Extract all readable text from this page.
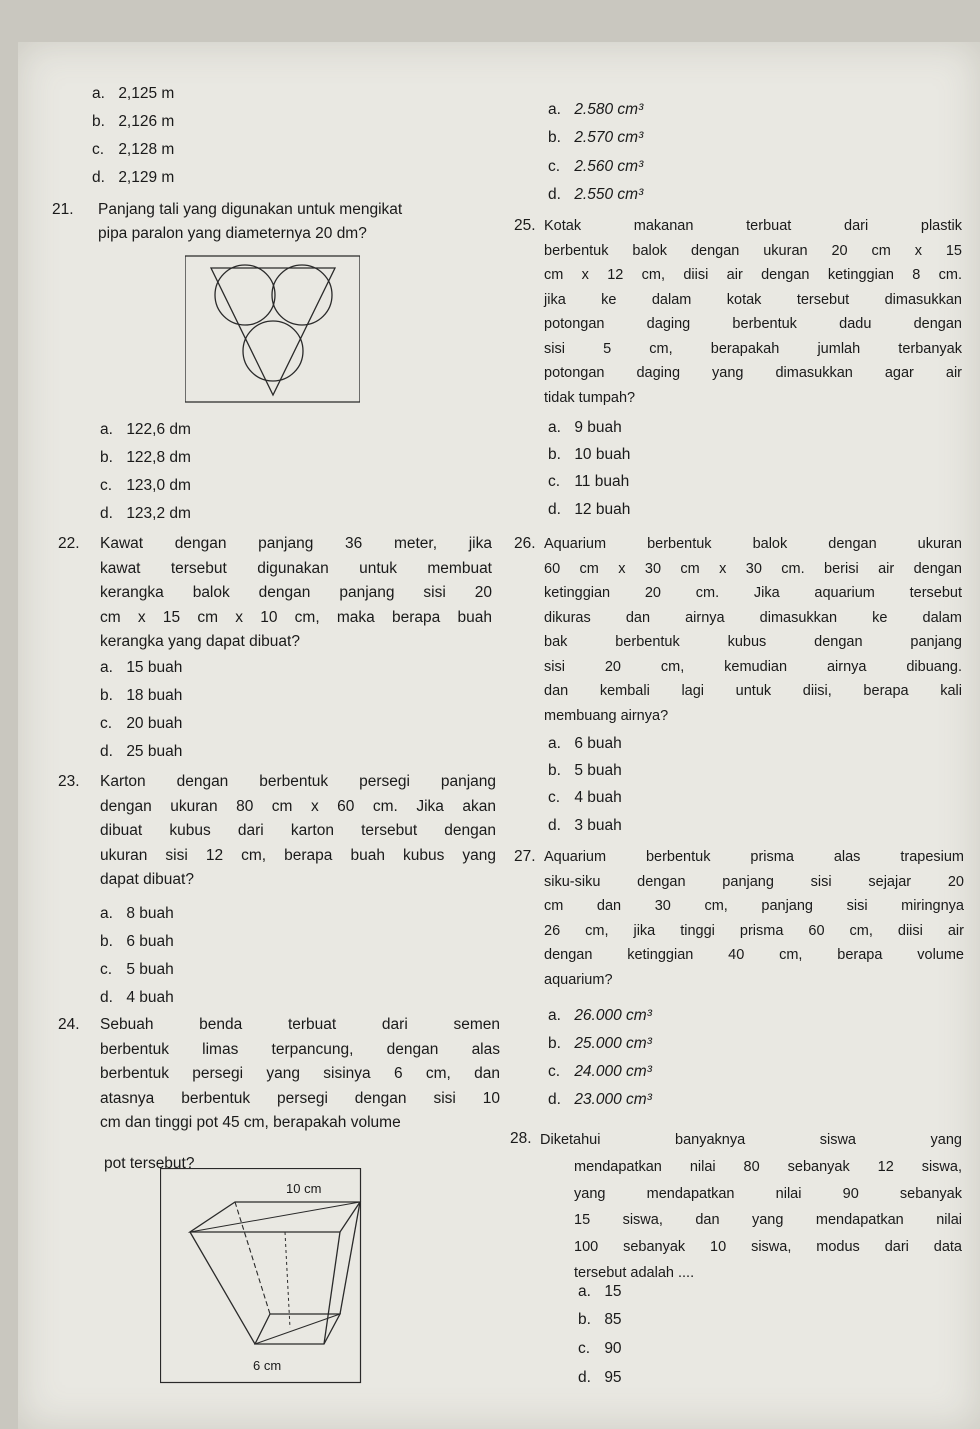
a. 2,125 m
b. 2,126 m
c. 2,128 m
d. 2,129 m
21. Panjang tali yang digunakan untuk mengikat
pipa paralon yang diameternya 20 dm?
a. 122,6 dm
b. 122,8 dm
c. 123,0 dm
d. 123,2 dm
22. Kawat dengan panjang 36 meter, jika
kawat tersebut digunakan untuk membuat
kerangka balok dengan panjang sisi 20
cm x 15 cm x 10 cm, maka berapa buah
kerangka yang dapat dibuat?
a. 15 buah
b. 18 buah
c. 20 buah
d. 25 buah
23. Karton dengan berbentuk persegi panjang
dengan ukuran 80 cm x 60 cm. Jika akan
dibuat kubus dari karton tersebut dengan
ukuran sisi 12 cm, berapa buah kubus yang
dapat dibuat?
a. 8 buah
b. 6 buah
c. 5 buah
d. 4 buah
24. Sebuah benda terbuat dari semen
berbentuk limas terpancung, dengan alas
berbentuk persegi yang sisinya 6 cm, dan
atasnya berbentuk persegi dengan sisi 10
cm dan tinggi pot 45 cm, berapakah volume
pot tersebut?
10 cm
6 cm
a. 2.580 cm³
b. 2.570 cm³
c. 2.560 cm³
d. 2.550 cm³
25. Kotak makanan terbuat dari plastik
berbentuk balok dengan ukuran 20 cm x 15
cm x 12 cm, diisi air dengan ketinggian 8 cm.
jika ke dalam kotak tersebut dimasukkan
potongan daging berbentuk dadu dengan
sisi 5 cm, berapakah jumlah terbanyak
potongan daging yang dimasukkan agar air
tidak tumpah?
a. 9 buah
b. 10 buah
c. 11 buah
d. 12 buah
26. Aquarium berbentuk balok dengan ukuran
60 cm x 30 cm x 30 cm. berisi air dengan
ketinggian 20 cm. Jika aquarium tersebut
dikuras dan airnya dimasukkan ke dalam
bak berbentuk kubus dengan panjang
sisi 20 cm, kemudian airnya dibuang.
dan kembali lagi untuk diisi, berapa kali
membuang airnya?
a. 6 buah
b. 5 buah
c. 4 buah
d. 3 buah
27. Aquarium berbentuk prisma alas trapesium
siku-siku dengan panjang sisi sejajar 20
cm dan 30 cm, panjang sisi miringnya
26 cm, jika tinggi prisma 60 cm, diisi air
dengan ketinggian 40 cm, berapa volume
aquarium?
a. 26.000 cm³
b. 25.000 cm³
c. 24.000 cm³
d. 23.000 cm³
28. Diketahui banyaknya siswa yang
mendapatkan nilai 80 sebanyak 12 siswa,
yang mendapatkan nilai 90 sebanyak
15 siswa, dan yang mendapatkan nilai
100 sebanyak 10 siswa, modus dari data
tersebut adalah ....
a. 15
b. 85
c. 90
d. 95
